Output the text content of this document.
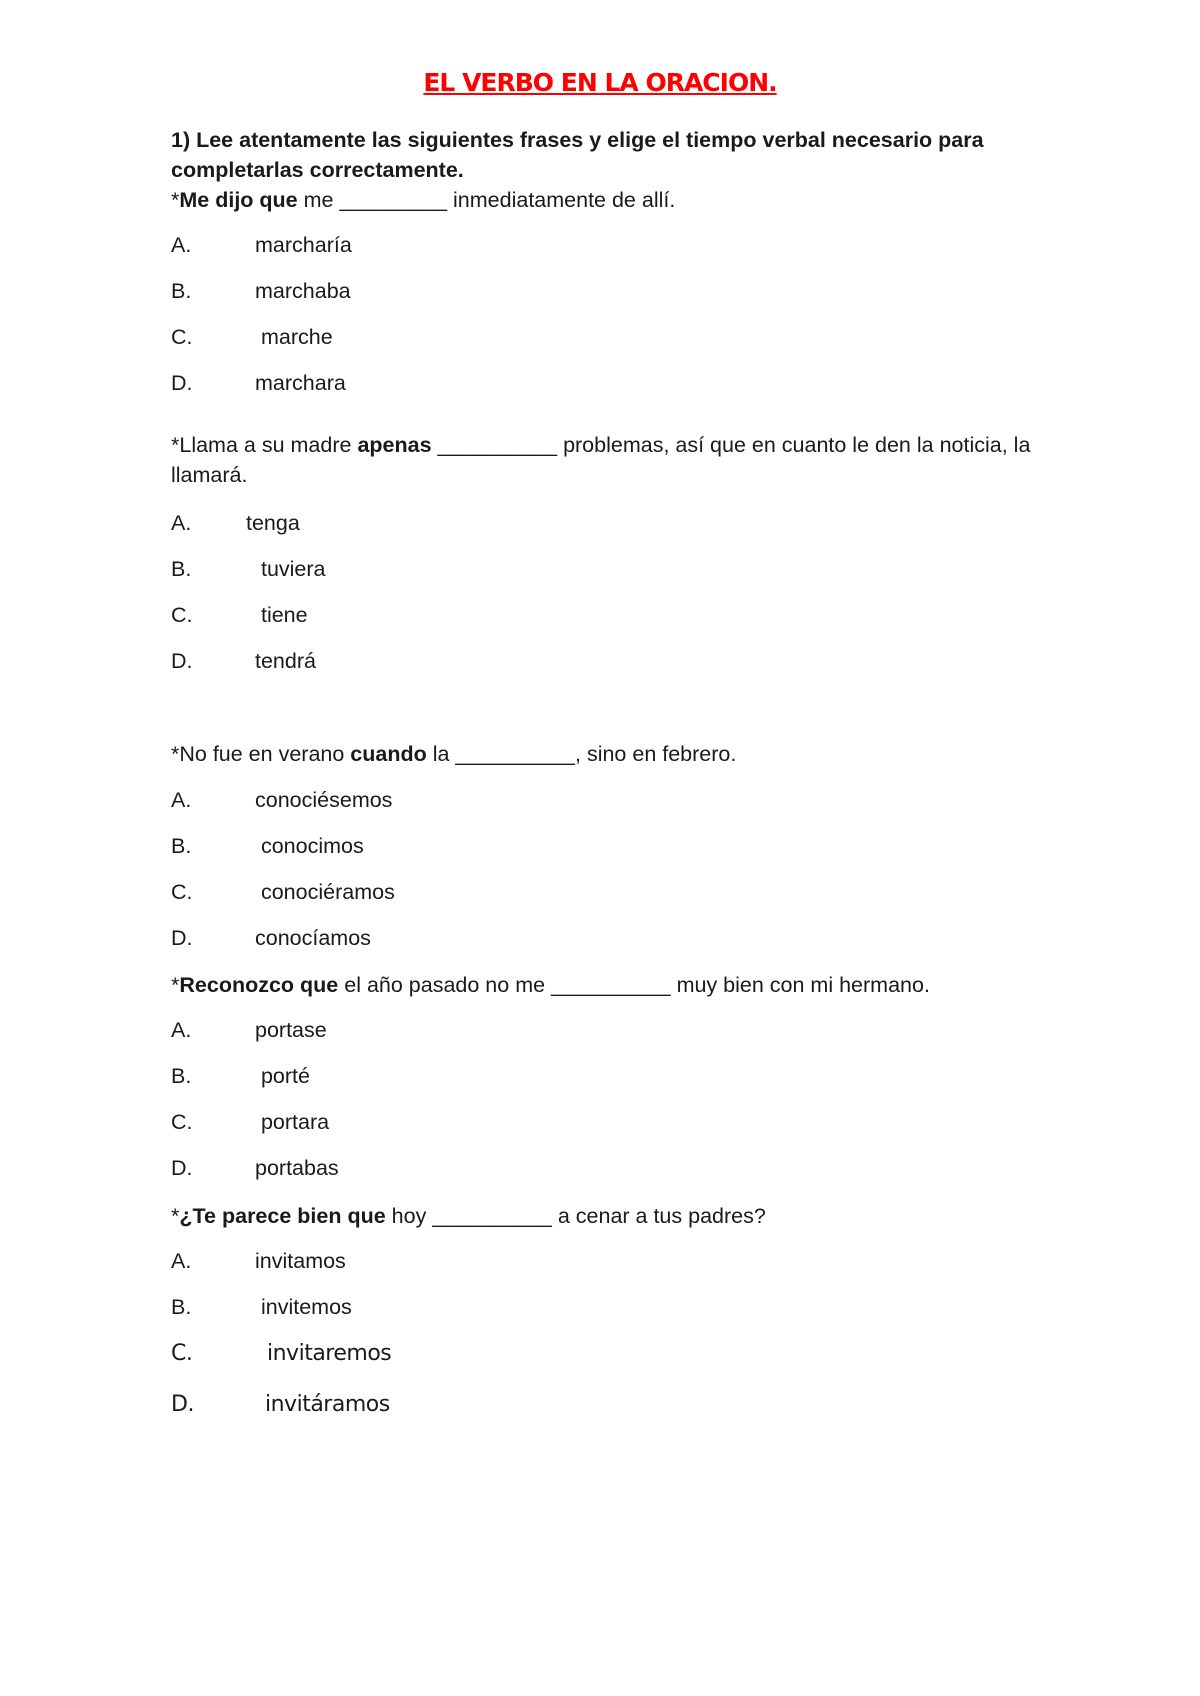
EL VERBO EN LA ORACION.
1) Lee atentamente las siguientes frases y elige el tiempo verbal necesario para completarlas correctamente.
*Me dijo que me _________ inmediatamente de allí.
A.	marcharía
B.	marchaba
C.	marche
D.	marchara
*Llama a su madre apenas __________ problemas, así que en cuanto le den la noticia, la llamará.
A.	tenga
B.	tuviera
C.	tiene
D.	tendrá
*No fue en verano cuando la __________, sino en febrero.
A.	conociésemos
B.	conocimos
C.	conociéramos
D.	conocíamos
*Reconozco que el año pasado no me __________ muy bien con mi hermano.
A.	portase
B.	porté
C.	portara
D.	portabas
*¿Te parece bien que hoy __________ a cenar a tus padres?
A.	invitamos
B.	invitemos
C.	invitaremos
D.	invitáramos
